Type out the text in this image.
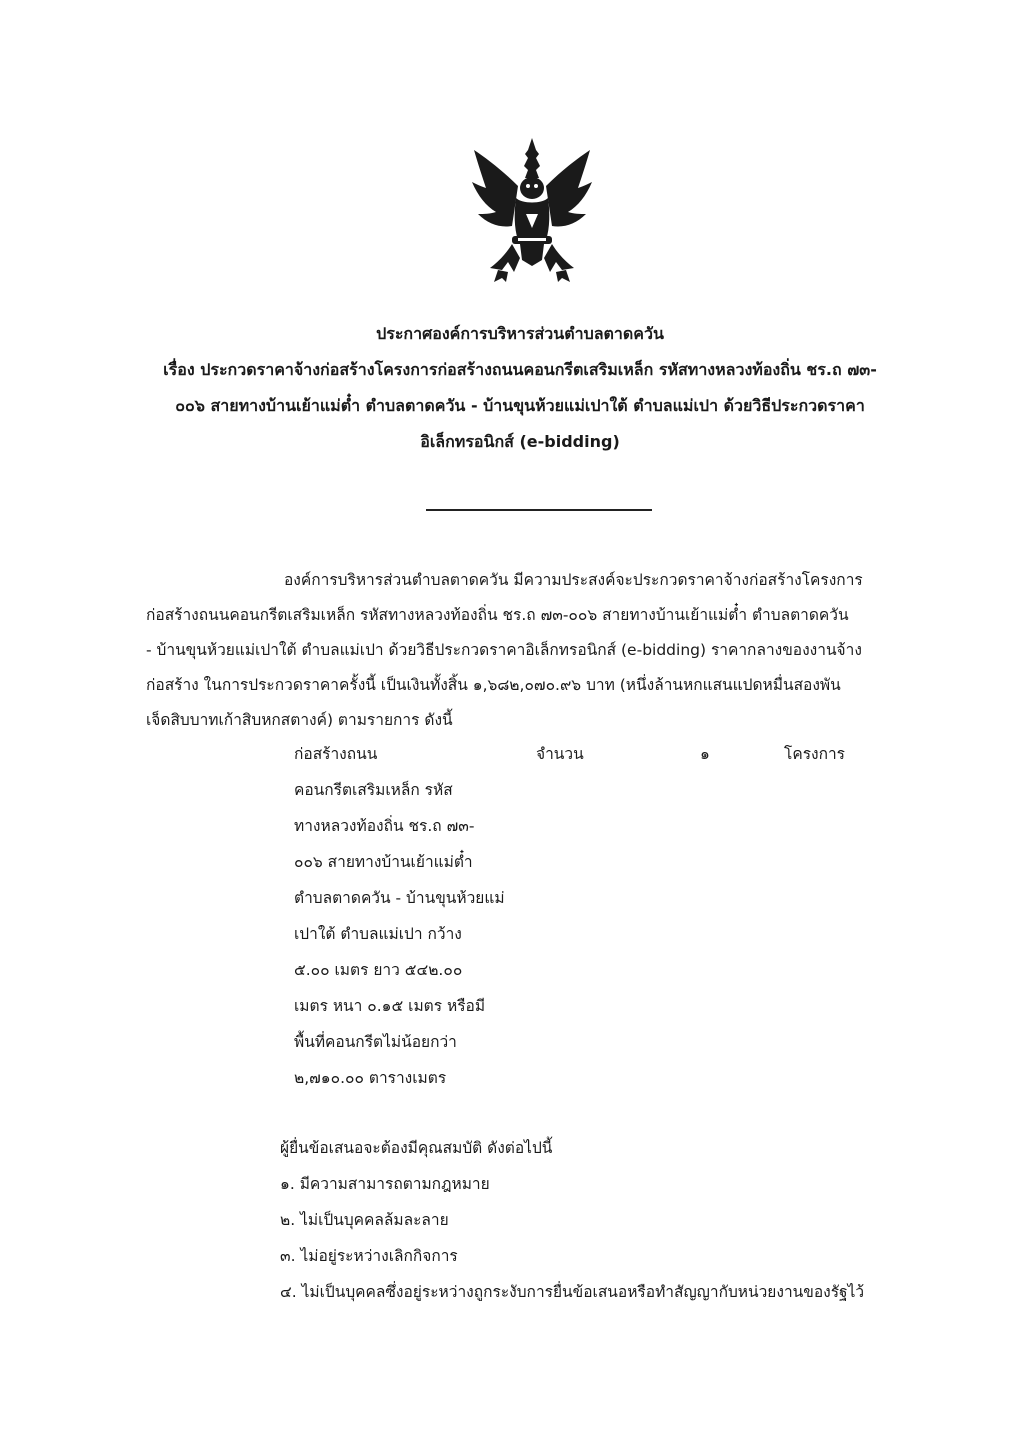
ประกาศองค์การบริหารส่วนตำบลตาดควัน
เรื่อง ประกวดราคาจ้างก่อสร้างโครงการก่อสร้างถนนคอนกรีตเสริมเหล็ก รหัสทางหลวงท้องถิ่น ชร.ถ ๗๓-
๐๐๖ สายทางบ้านเย้าแม่ต๋ำ ตำบลตาดควัน - บ้านขุนห้วยแม่เปาใต้ ตำบลแม่เปา ด้วยวิธีประกวดราคา
อิเล็กทรอนิกส์ (e-bidding)
องค์การบริหารส่วนตำบลตาดควัน มีความประสงค์จะประกวดราคาจ้างก่อสร้างโครงการ
ก่อสร้างถนนคอนกรีตเสริมเหล็ก รหัสทางหลวงท้องถิ่น ชร.ถ ๗๓-๐๐๖ สายทางบ้านเย้าแม่ต๋ำ ตำบลตาดควัน
- บ้านขุนห้วยแม่เปาใต้ ตำบลแม่เปา ด้วยวิธีประกวดราคาอิเล็กทรอนิกส์ (e-bidding) ราคากลางของงานจ้าง
ก่อสร้าง ในการประกวดราคาครั้งนี้ เป็นเงินทั้งสิ้น ๑,๖๘๒,๐๗๐.๙๖ บาท (หนึ่งล้านหกแสนแปดหมื่นสองพัน
เจ็ดสิบบาทเก้าสิบหกสตางค์) ตามรายการ ดังนี้
ก่อสร้างถนน	จำนวน	๑	โครงการ
คอนกรีตเสริมเหล็ก รหัส
ทางหลวงท้องถิ่น ชร.ถ ๗๓-
๐๐๖ สายทางบ้านเย้าแม่ต๋ำ
ตำบลตาดควัน - บ้านขุนห้วยแม่
เปาใต้ ตำบลแม่เปา กว้าง
๕.๐๐ เมตร ยาว ๕๔๒.๐๐
เมตร หนา ๐.๑๕ เมตร หรือมี
พื้นที่คอนกรีตไม่น้อยกว่า
๒,๗๑๐.๐๐ ตารางเมตร
ผู้ยื่นข้อเสนอจะต้องมีคุณสมบัติ ดังต่อไปนี้
๑. มีความสามารถตามกฎหมาย
๒. ไม่เป็นบุคคลล้มละลาย
๓. ไม่อยู่ระหว่างเลิกกิจการ
๔. ไม่เป็นบุคคลซึ่งอยู่ระหว่างถูกระงับการยื่นข้อเสนอหรือทำสัญญากับหน่วยงานของรัฐไว้
